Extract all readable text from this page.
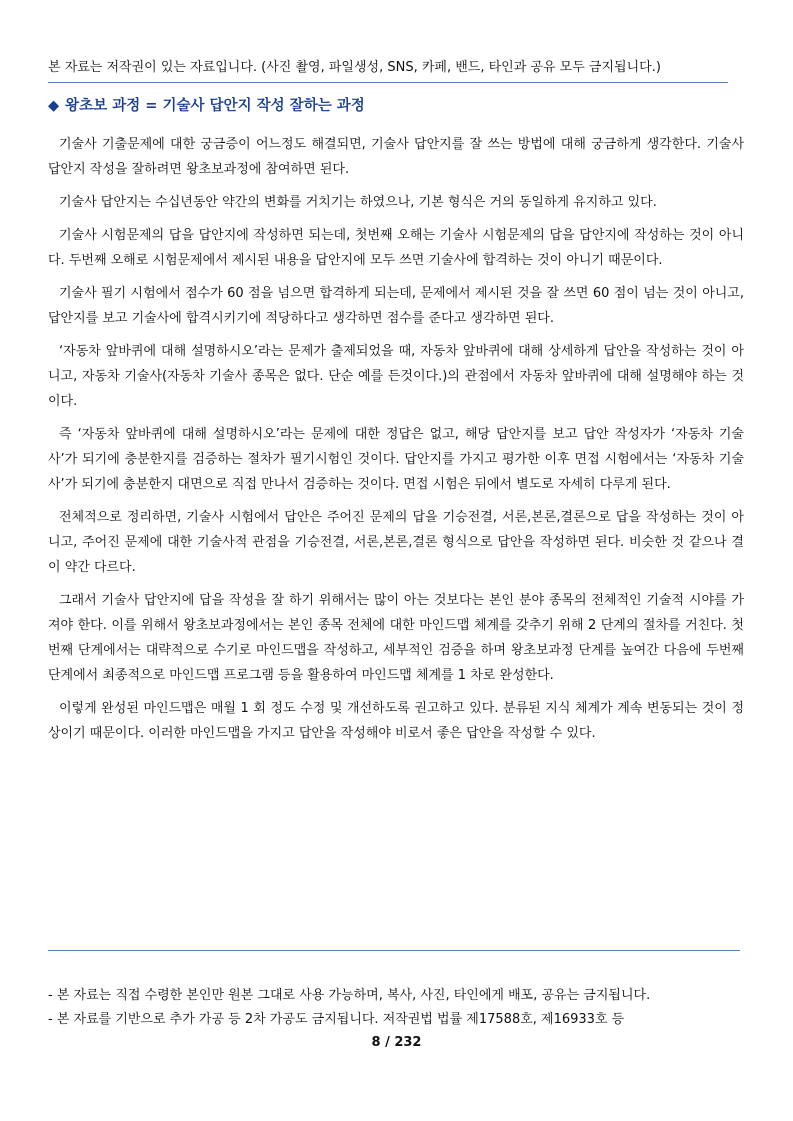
본 자료는 저작권이 있는 자료입니다. (사진 촬영, 파일생성, SNS, 카페, 밴드, 타인과 공유 모두 금지됩니다.)
◆ 왕초보 과정 = 기술사 답안지 작성 잘하는 과정

기술사 기출문제에 대한 궁금증이 어느정도 해결되면, 기술사 답안지를 잘 쓰는 방법에 대해 궁금하게 생각한다. 기술사 답안지 작성을 잘하려면 왕초보과정에 참여하면 된다.

기술사 답안지는 수십년동안 약간의 변화를 거치기는 하였으나, 기본 형식은 거의 동일하게 유지하고 있다.

기술사 시험문제의 답을 답안지에 작성하면 되는데, 첫번째 오해는 기술사 시험문제의 답을 답안지에 작성하는 것이 아니다. 두번째 오해로 시험문제에서 제시된 내용을 답안지에 모두 쓰면 기술사에 합격하는 것이 아니기 때문이다.

기술사 필기 시험에서 점수가 60 점을 넘으면 합격하게 되는데, 문제에서 제시된 것을 잘 쓰면 60 점이 넘는 것이 아니고, 답안지를 보고 기술사에 합격시키기에 적당하다고 생각하면 점수를 준다고 생각하면 된다.

‘자동차 앞바퀴에 대해 설명하시오’라는 문제가 출제되었을 때, 자동차 앞바퀴에 대해 상세하게 답안을 작성하는 것이 아니고, 자동차 기술사(자동차 기술사 종목은 없다. 단순 예를 든것이다.)의 관점에서 자동차 앞바퀴에 대해 설명해야 하는 것이다.

즉 ‘자동차 앞바퀴에 대해 설명하시오’라는 문제에 대한 정답은 없고, 해당 답안지를 보고 답안 작성자가 ‘자동차 기술사’가 되기에 충분한지를 검증하는 절차가 필기시험인 것이다. 답안지를 가지고 평가한 이후 면접 시험에서는 ‘자동차 기술사’가 되기에 충분한지 대면으로 직접 만나서 검증하는 것이다. 면접 시험은 뒤에서 별도로 자세히 다루게 된다.

전체적으로 정리하면, 기술사 시험에서 답안은 주어진 문제의 답을 기승전결, 서론,본론,결론으로 답을 작성하는 것이 아니고, 주어진 문제에 대한 기술사적 관점을 기승전결, 서론,본론,결론 형식으로 답안을 작성하면 된다. 비슷한 것 같으나 결이 약간 다르다.

그래서 기술사 답안지에 답을 작성을 잘 하기 위해서는 많이 아는 것보다는 본인 분야 종목의 전체적인 기술적 시야를 가져야 한다. 이를 위해서 왕초보과정에서는 본인 종목 전체에 대한 마인드맵 체계를 갖추기 위해 2 단계의 절차를 거친다. 첫번째 단계에서는 대략적으로 수기로 마인드맵을 작성하고, 세부적인 검증을 하며 왕초보과정 단계를 높여간 다음에 두번째 단계에서 최종적으로 마인드맵 프로그램 등을 활용하여 마인드맵 체계를 1 차로 완성한다.

이렇게 완성된 마인드맵은 매월 1 회 정도 수정 및 개선하도록 권고하고 있다. 분류된 지식 체계가 계속 변동되는 것이 정상이기 때문이다. 이러한 마인드맵을 가지고 답안을 작성해야 비로서 좋은 답안을 작성할 수 있다.

- 본 자료는 직접 수령한 본인만 원본 그대로 사용 가능하며, 복사, 사진, 타인에게 배포, 공유는 금지됩니다.
- 본 자료를 기반으로 추가 가공 등 2차 가공도 금지됩니다. 저작권법 법률 제17588호, 제16933호 등
8 / 232
